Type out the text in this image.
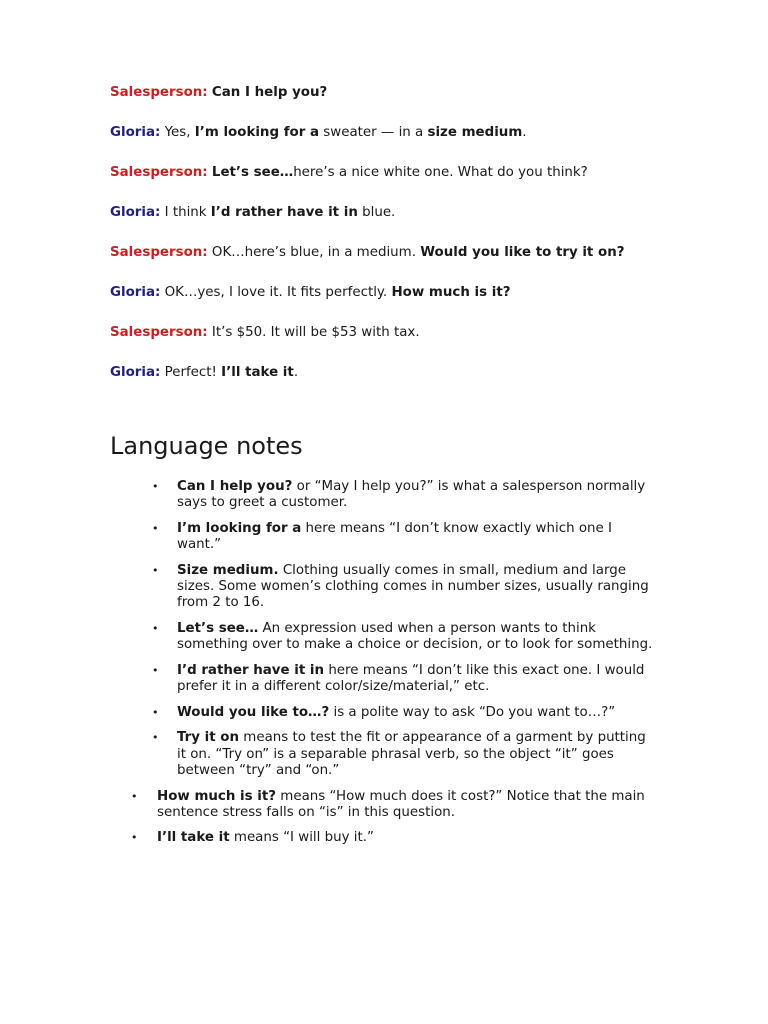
Salesperson: Can I help you?

Gloria: Yes, I’m looking for a sweater — in a size medium.

Salesperson: Let’s see…here’s a nice white one. What do you think?

Gloria: I think I’d rather have it in blue.

Salesperson: OK…here’s blue, in a medium. Would you like to try it on?

Gloria: OK…yes, I love it. It fits perfectly. How much is it?

Salesperson: It’s $50. It will be $53 with tax.

Gloria: Perfect! I’ll take it.

Language notes
• Can I help you? or “May I help you?” is what a salesperson normally says to greet a customer.
• I’m looking for a here means “I don’t know exactly which one I want.”
• Size medium. Clothing usually comes in small, medium and large sizes. Some women’s clothing comes in number sizes, usually ranging from 2 to 16.
• Let’s see… An expression used when a person wants to think something over to make a choice or decision, or to look for something.
• I’d rather have it in here means “I don’t like this exact one. I would prefer it in a different color/size/material,” etc.
• Would you like to…? is a polite way to ask “Do you want to…?”
• Try it on means to test the fit or appearance of a garment by putting it on. “Try on” is a separable phrasal verb, so the object “it” goes between “try” and “on.”
• How much is it? means “How much does it cost?” Notice that the main sentence stress falls on “is” in this question.
• I’ll take it means “I will buy it.”
